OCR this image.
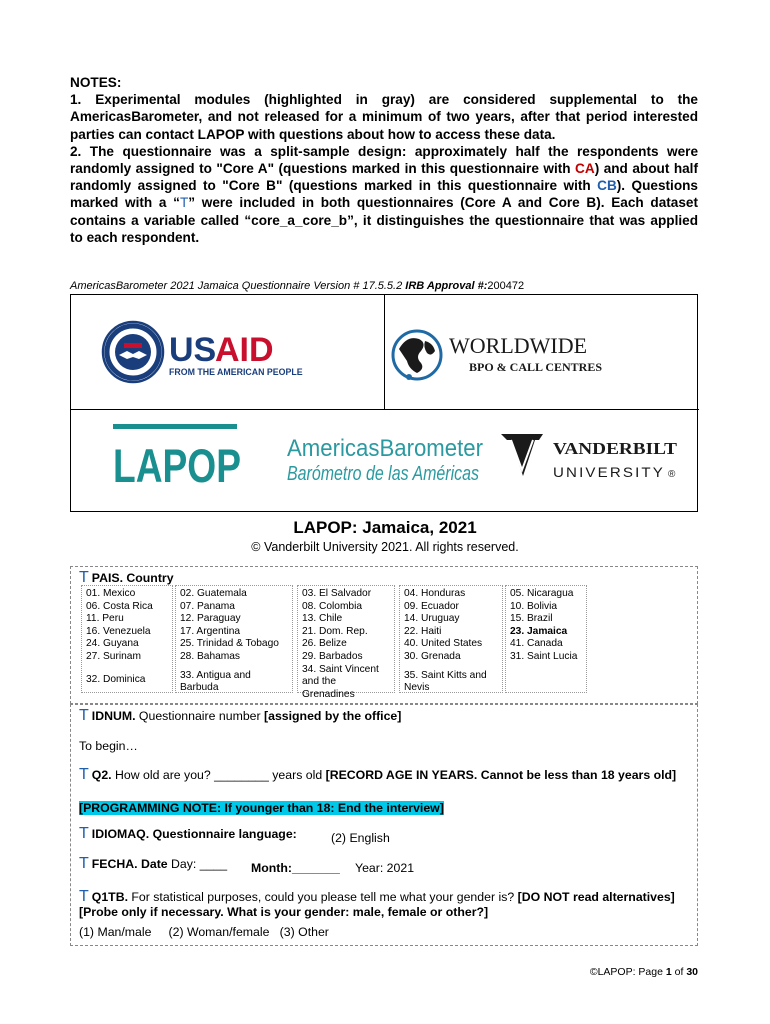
NOTES:

1. Experimental modules (highlighted in gray) are considered supplemental to the AmericasBarometer, and not released for a minimum of two years, after that period interested parties can contact LAPOP with questions about how to access these data.

2. The questionnaire was a split-sample design: approximately half the respondents were randomly assigned to "Core A" (questions marked in this questionnaire with CA) and about half randomly assigned to "Core B" (questions marked in this questionnaire with CB). Questions marked with a “T” were included in both questionnaires (Core A and Core B). Each dataset contains a variable called “core_a_core_b”, it distinguishes the questionnaire that was applied to each respondent.

AmericasBarometer 2021 Jamaica Questionnaire Version # 17.5.5.2 IRB Approval #:200472
US
AID
FROM THE AMERICAN PEOPLE
WORLDWIDE
BPO & CALL CENTRES
LAPOP AmericasBarometer
Barómetro de las Américas
VANDERBILT
UNIVERSITY ®
LAPOP: Jamaica, 2021
© Vanderbilt University 2021. All rights reserved.
T PAIS. Country
01. Mexico
06. Costa Rica
11. Peru
16. Venezuela
24. Guyana
27. Surinam
32. Dominica
02. Guatemala
07. Panama
12. Paraguay
17. Argentina
25. Trinidad & Tobago
28. Bahamas
33. Antigua and
Barbuda
03. El Salvador
08. Colombia
13. Chile
21. Dom. Rep.
26. Belize
29. Barbados
34. Saint Vincent
and the
Grenadines
04. Honduras
09. Ecuador
14. Uruguay
22. Haiti
40. United States
30. Grenada
35. Saint Kitts and
Nevis
05. Nicaragua
10. Bolivia
15. Brazil
23. Jamaica
41. Canada
31. Saint Lucia
T IDNUM. Questionnaire number [assigned by the office]
To begin…
T Q2. How old are you? ________ years old [RECORD AGE IN YEARS. Cannot be less than 18 years old]
[PROGRAMMING NOTE: If younger than 18: End the interview]
T IDIOMAQ. Questionnaire language:	(2) English
T FECHA. Date Day: ____ Month:_______ Year: 2021
T Q1TB. For statistical purposes, could you please tell me what your gender is? [DO NOT read alternatives] [Probe only if necessary. What is your gender: male, female or other?]
(1) Man/male     (2) Woman/female   (3) Other
©LAPOP: Page 1 of 30
